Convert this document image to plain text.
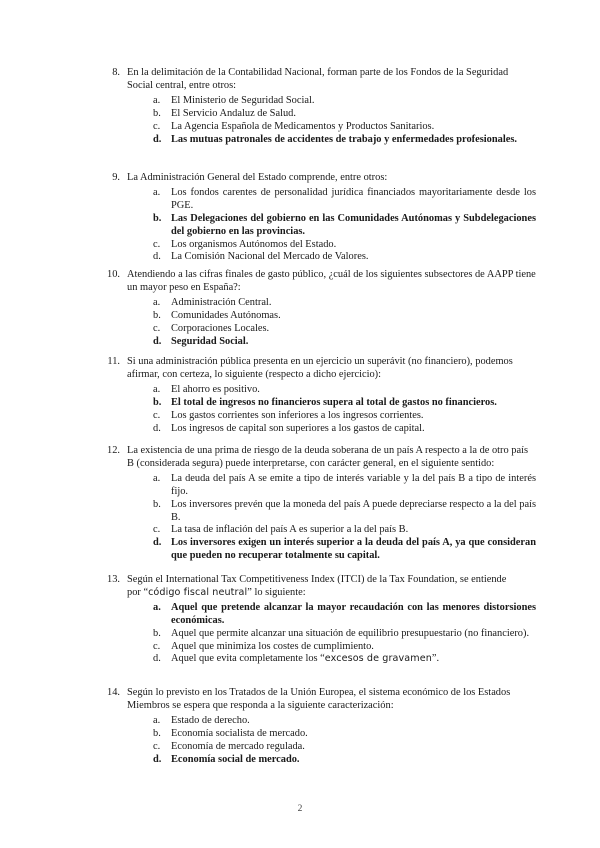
8. En la delimitación de la Contabilidad Nacional, forman parte de los Fondos de la Seguridad Social central, entre otros:
a. El Ministerio de Seguridad Social.
b. El Servicio Andaluz de Salud.
c. La Agencia Española de Medicamentos y Productos Sanitarios.
d. Las mutuas patronales de accidentes de trabajo y enfermedades profesionales.
9. La Administración General del Estado comprende, entre otros:
a. Los fondos carentes de personalidad jurídica financiados mayoritariamente desde los PGE.
b. Las Delegaciones del gobierno en las Comunidades Autónomas y Subdelegaciones del gobierno en las provincias.
c. Los organismos Autónomos del Estado.
d. La Comisión Nacional del Mercado de Valores.
10. Atendiendo a las cifras finales de gasto público, ¿cuál de los siguientes subsectores de AAPP tiene un mayor peso en España?:
a. Administración Central.
b. Comunidades Autónomas.
c. Corporaciones Locales.
d. Seguridad Social.
11. Si una administración pública presenta en un ejercicio un superávit (no financiero), podemos afirmar, con certeza, lo siguiente (respecto a dicho ejercicio):
a. El ahorro es positivo.
b. El total de ingresos no financieros supera al total de gastos no financieros.
c. Los gastos corrientes son inferiores a los ingresos corrientes.
d. Los ingresos de capital son superiores a los gastos de capital.
12. La existencia de una prima de riesgo de la deuda soberana de un país A respecto a la de otro país B (considerada segura) puede interpretarse, con carácter general, en el siguiente sentido:
a. La deuda del país A se emite a tipo de interés variable y la del país B a tipo de interés fijo.
b. Los inversores prevén que la moneda del país A puede depreciarse respecto a la del país B.
c. La tasa de inflación del país A es superior a la del país B.
d. Los inversores exigen un interés superior a la deuda del país A, ya que consideran que pueden no recuperar totalmente su capital.
13. Según el International Tax Competitiveness Index (ITCI) de la Tax Foundation, se entiende
por “código fiscal neutral” lo siguiente:
a. Aquel que pretende alcanzar la mayor recaudación con las menores distorsiones económicas.
b. Aquel que permite alcanzar una situación de equilibrio presupuestario (no financiero).
c. Aquel que minimiza los costes de cumplimiento.
d. Aquel que evita completamente los “excesos de gravamen”.
14. Según lo previsto en los Tratados de la Unión Europea, el sistema económico de los Estados Miembros se espera que responda a la siguiente caracterización:
a. Estado de derecho.
b. Economía socialista de mercado.
c. Economía de mercado regulada.
d. Economía social de mercado.
2
